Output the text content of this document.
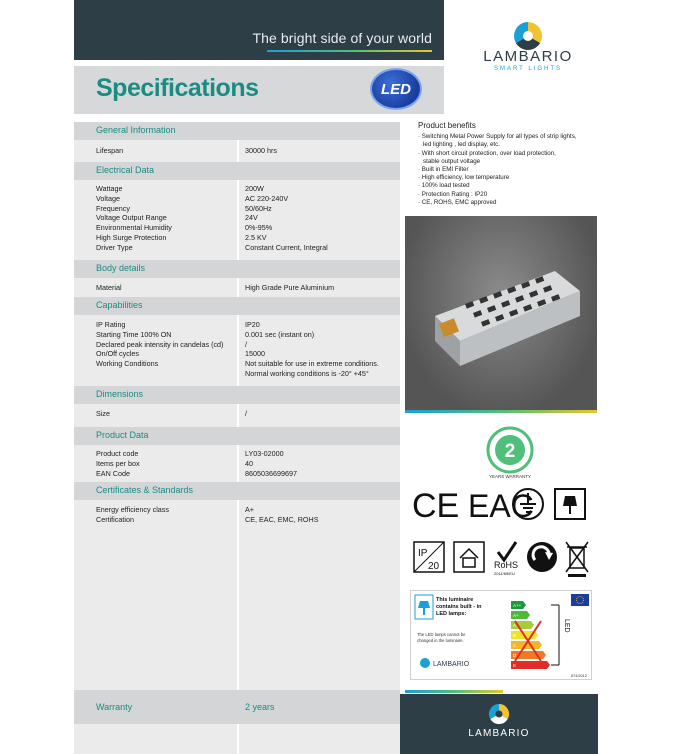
The bright side of your world
Specifications	LED
LAMBARIO
SMART LIGHTS
General Information
Lifespan	30000 hrs
Electrical Data
Wattage	200W
Voltage	AC 220-240V
Frequency	50/60Hz
Voltage Output Range	24V
Environmental Humidity	0%-95%
High Surge Protection	2.5 KV
Driver Type	Constant Current, Integral
Body details
Material	High Grade Pure Aluminium
Capabilities
IP Rating	IP20
Starting Time 100% ON	0.001 sec (instant on)
Declared peak intensity in candelas (cd)	/
On/Off cycles	15000
Working Conditions	Not suitable for use in extreme conditions.
Normal working conditions is -20° +45°
Dimensions
Size	/
Product Data
Product code	LY03-02000
Items per box	40
EAN Code	8605036699697
Certificates & Standards
Energy efficiency class	A+
Certification	CE, EAC, EMC, ROHS
Warranty	2 years
Product benefits
· Switching Metal Power Supply for all types of strip lights,
led lighting , led display, etc.
· With short circuit protection, over load protection,
stable output voltage
· Built in EMI Filter
· High efficiency, low temperature
· 100% load tested
· Protection Rating : IP20
· CE, ROHS, EMC approved
2
YEARS WARRANTY
CE EAC
IP
20	RoHS
2011/65/EU
This luminaire
contains built - in
LED lamps:
The LED lamps cannot be
changed in the luminaire.
LAMBARIO
A++
A+
A
B
C
D
E
LED
874/2012
LAMBARIO
